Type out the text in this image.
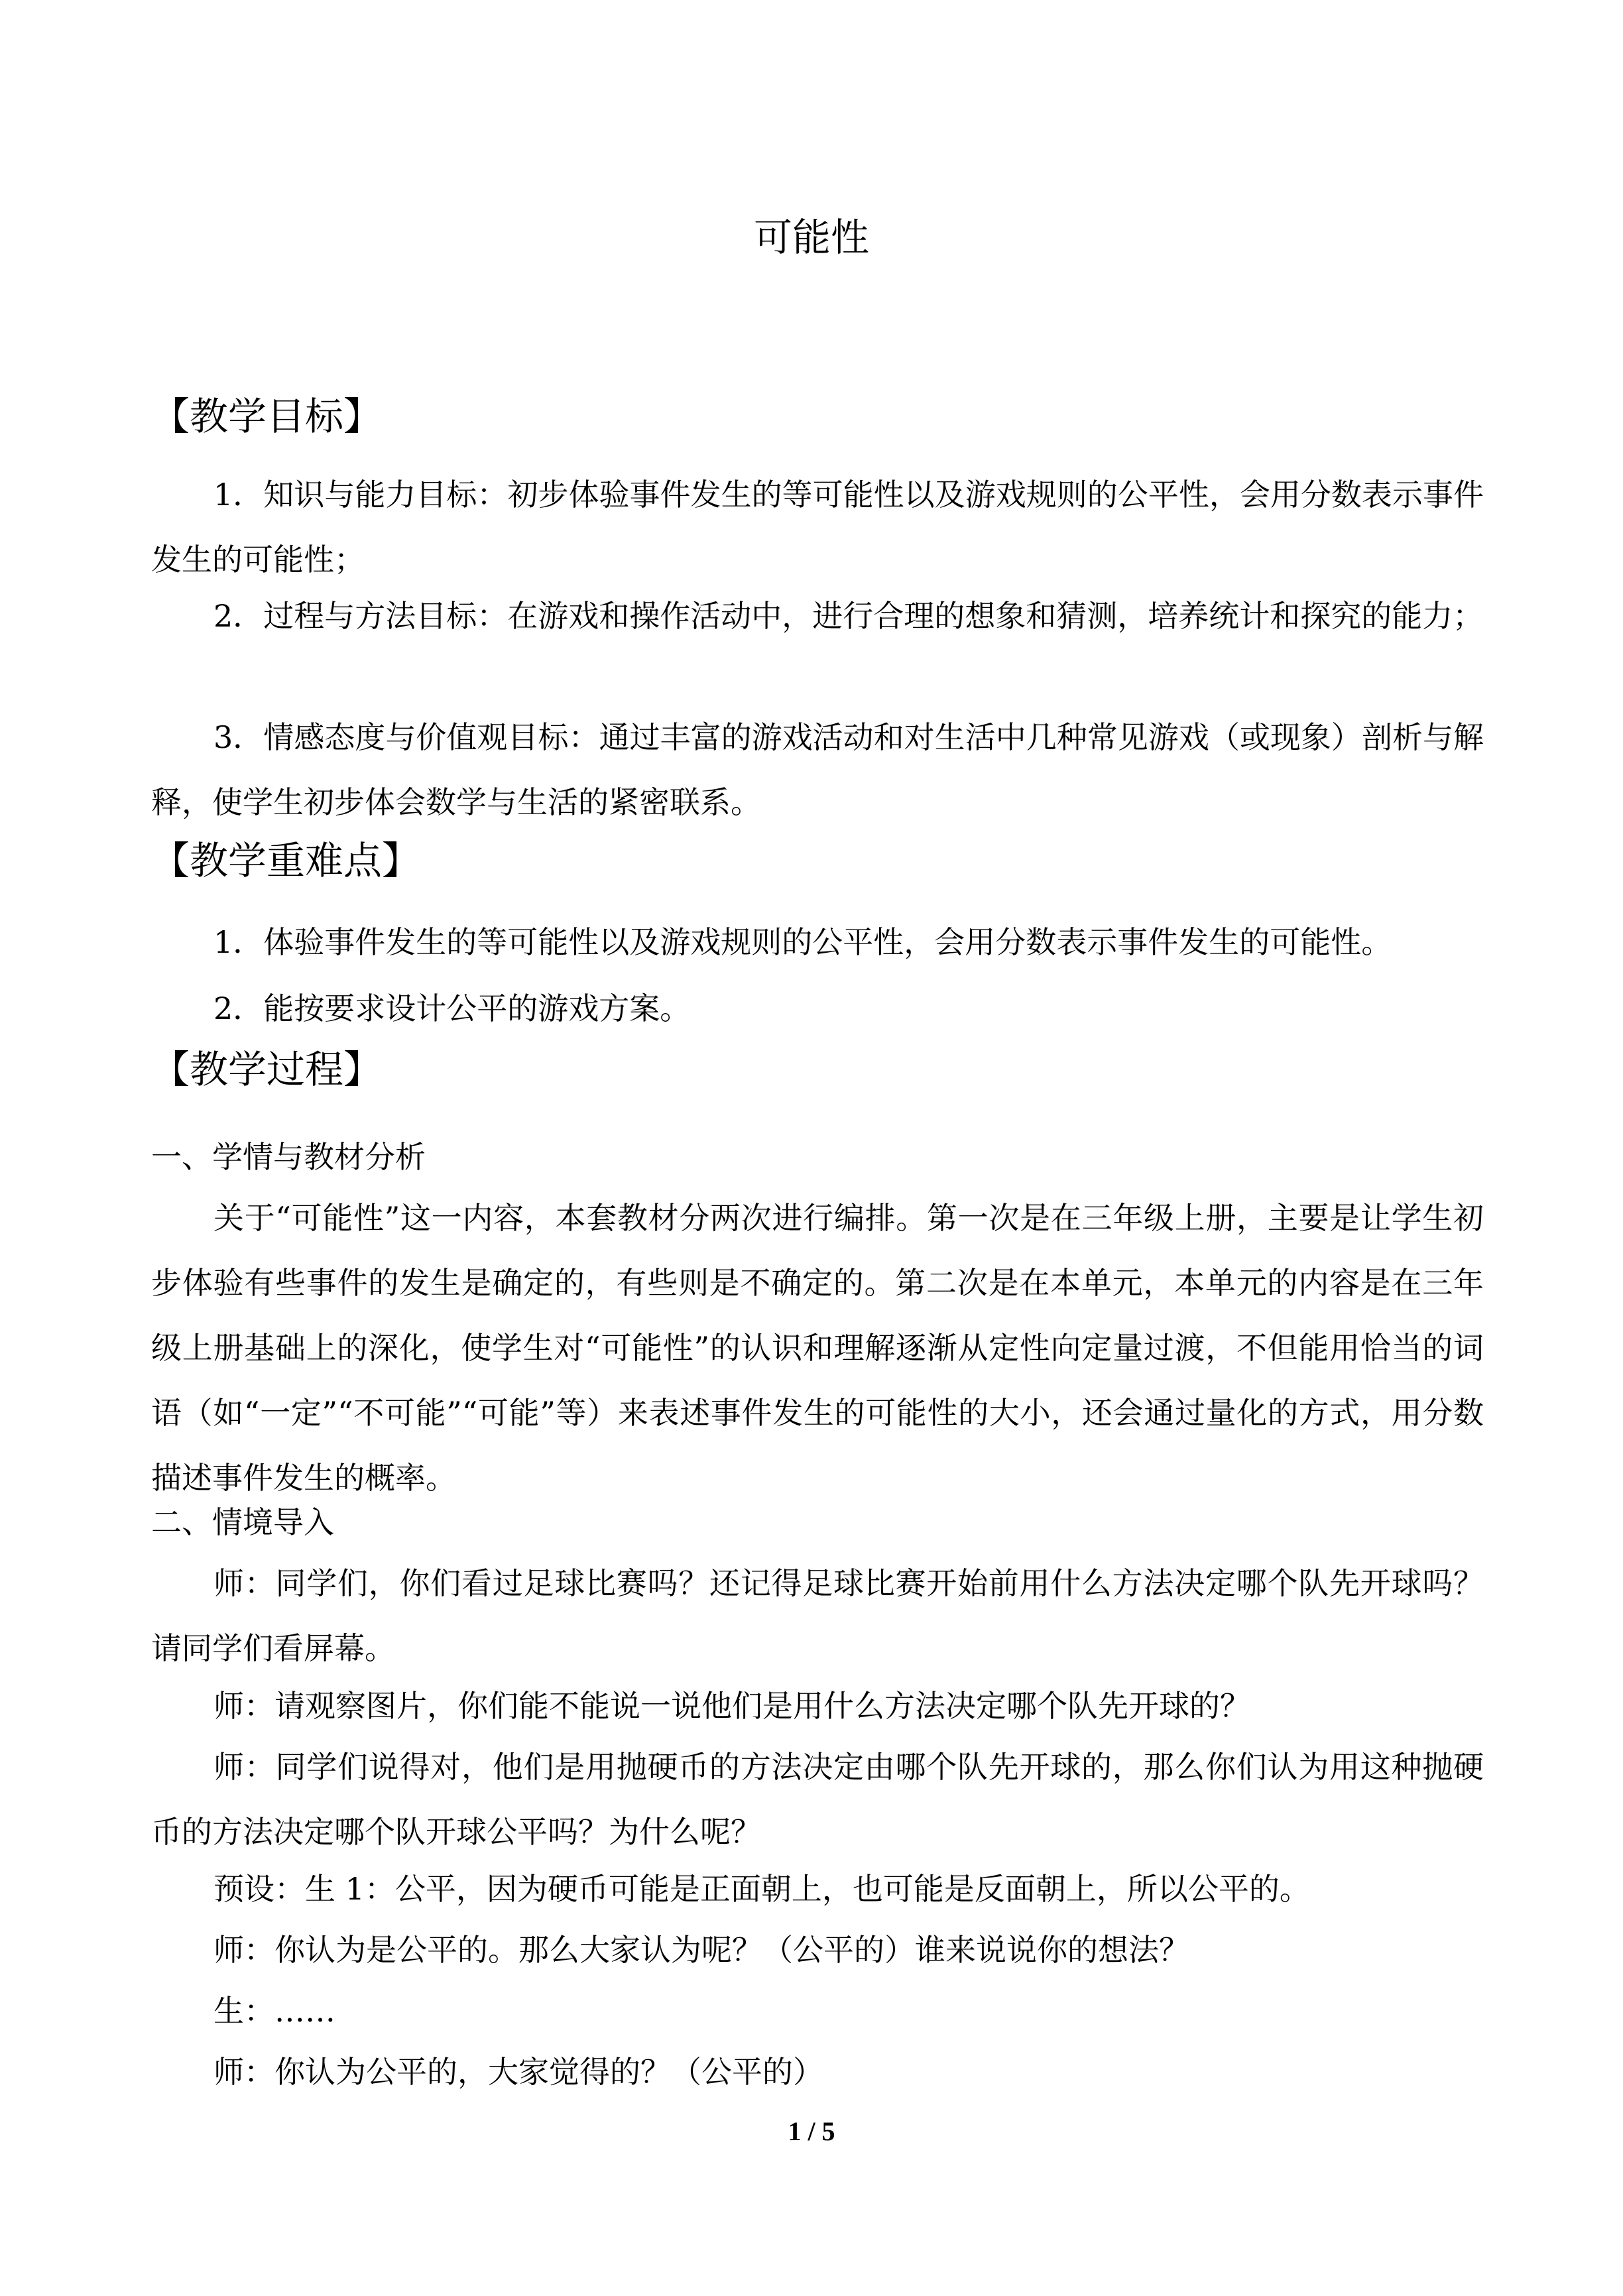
可能性
【教学目标】
1．知识与能力目标：初步体验事件发生的等可能性以及游戏规则的公平性，会用分数表示事件发生的可能性；
2．过程与方法目标：在游戏和操作活动中，进行合理的想象和猜测，培养统计和探究的能力；
3．情感态度与价值观目标：通过丰富的游戏活动和对生活中几种常见游戏（或现象）剖析与解释，使学生初步体会数学与生活的紧密联系。
【教学重难点】
1．体验事件发生的等可能性以及游戏规则的公平性，会用分数表示事件发生的可能性。
2．能按要求设计公平的游戏方案。
【教学过程】
一、学情与教材分析
关于“可能性”这一内容，本套教材分两次进行编排。第一次是在三年级上册，主要是让学生初步体验有些事件的发生是确定的，有些则是不确定的。第二次是在本单元，本单元的内容是在三年级上册基础上的深化，使学生对“可能性”的认识和理解逐渐从定性向定量过渡，不但能用恰当的词语（如“一定”“不可能”“可能”等）来表述事件发生的可能性的大小，还会通过量化的方式，用分数描述事件发生的概率。
二、情境导入
师：同学们，你们看过足球比赛吗？还记得足球比赛开始前用什么方法决定哪个队先开球吗？请同学们看屏幕。
师：请观察图片，你们能不能说一说他们是用什么方法决定哪个队先开球的？
师：同学们说得对，他们是用抛硬币的方法决定由哪个队先开球的，那么你们认为用这种抛硬币的方法决定哪个队开球公平吗？为什么呢？
预设：生 1：公平，因为硬币可能是正面朝上，也可能是反面朝上，所以公平的。
师：你认为是公平的。那么大家认为呢？（公平的）谁来说说你的想法？
生：……
师：你认为公平的，大家觉得的？（公平的）
1 / 5
